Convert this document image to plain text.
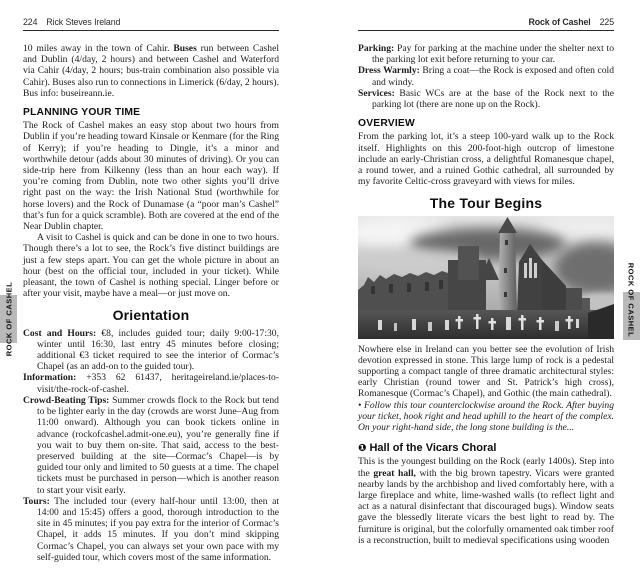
224 Rick Steves Ireland

10 miles away in the town of Cahir. Buses run between Cashel and Dublin (4/day, 2 hours) and between Cashel and Waterford via Cahir (4/day, 2 hours; bus-train combination also possible via Cahir). Buses also run to connections in Limerick (6/day, 2 hours). Bus info: buseireann.ie.

PLANNING YOUR TIME

The Rock of Cashel makes an easy stop about two hours from Dublin if you’re heading toward Kinsale or Kenmare (for the Ring of Kerry); if you’re heading to Dingle, it’s a minor and worthwhile detour (adds about 30 minutes of driving). Or you can side-trip here from Kilkenny (less than an hour each way). If you’re coming from Dublin, note two other sights you’ll drive right past on the way: the Irish National Stud (worthwhile for horse lovers) and the Rock of Dunamase (a “poor man’s Cashel” that’s fun for a quick scramble). Both are covered at the end of the Near Dublin chapter.

A visit to Cashel is quick and can be done in one to two hours. Though there’s a lot to see, the Rock’s five distinct buildings are just a few steps apart. You can get the whole picture in about an hour (best on the official tour, included in your ticket). While pleasant, the town of Cashel is nothing special. Linger before or after your visit, maybe have a meal—or just move on.

Orientation

Cost and Hours: €8, includes guided tour; daily 9:00-17:30, winter until 16:30, last entry 45 minutes before closing; additional €3 ticket required to see the interior of Cormac’s Chapel (as an add-on to the guided tour).

Information: +353 62 61437, heritageireland.ie/places-to-visit/the-rock-of-cashel.

Crowd-Beating Tips: Summer crowds flock to the Rock but tend to be lighter early in the day (crowds are worst June–Aug from 11:00 onward). Although you can book tickets online in advance (rockofcashel.admit-one.eu), you’re generally fine if you wait to buy them on-site. That said, access to the best-preserved building at the site—Cormac’s Chapel—is by guided tour only and limited to 50 guests at a time. The chapel tickets must be purchased in person—which is another reason to start your visit early.

Tours: The included tour (every half-hour until 13:00, then at 14:00 and 15:45) offers a good, thorough introduction to the site in 45 minutes; if you pay extra for the interior of Cormac’s Chapel, it adds 15 minutes. If you don’t mind skipping Cormac’s Chapel, you can always set your own pace with my self-guided tour, which covers most of the same information.

Rock of Cashel 225

Parking: Pay for parking at the machine under the shelter next to the parking lot exit before returning to your car.

Dress Warmly: Bring a coat—the Rock is exposed and often cold and windy.

Services: Basic WCs are at the base of the Rock next to the parking lot (there are none up on the Rock).

OVERVIEW

From the parking lot, it’s a steep 100-yard walk up to the Rock itself. Highlights on this 200-foot-high outcrop of limestone include an early-Christian cross, a delightful Romanesque chapel, a round tower, and a ruined Gothic cathedral, all surrounded by my favorite Celtic-cross graveyard with views for miles.

The Tour Begins

Nowhere else in Ireland can you better see the evolution of Irish devotion expressed in stone. This large lump of rock is a pedestal supporting a compact tangle of three dramatic architectural styles: early Christian (round tower and St. Patrick’s high cross), Romanesque (Cormac’s Chapel), and Gothic (the main cathedral).

• Follow this tour counterclockwise around the Rock. After buying your ticket, hook right and head uphill to the heart of the complex. On your right-hand side, the long stone building is the...

❶ Hall of the Vicars Choral

This is the youngest building on the Rock (early 1400s). Step into the great hall, with the big brown tapestry. Vicars were granted nearby lands by the archbishop and lived comfortably here, with a large fireplace and white, lime-washed walls (to reflect light and act as a natural disinfectant that discouraged bugs). Window seats gave the blessedly literate vicars the best light to read by. The furniture is original, but the colorfully ornamented oak timber roof is a reconstruction, built to medieval specifications using wooden

ROCK OF CASHEL	ROCK OF CASHEL
